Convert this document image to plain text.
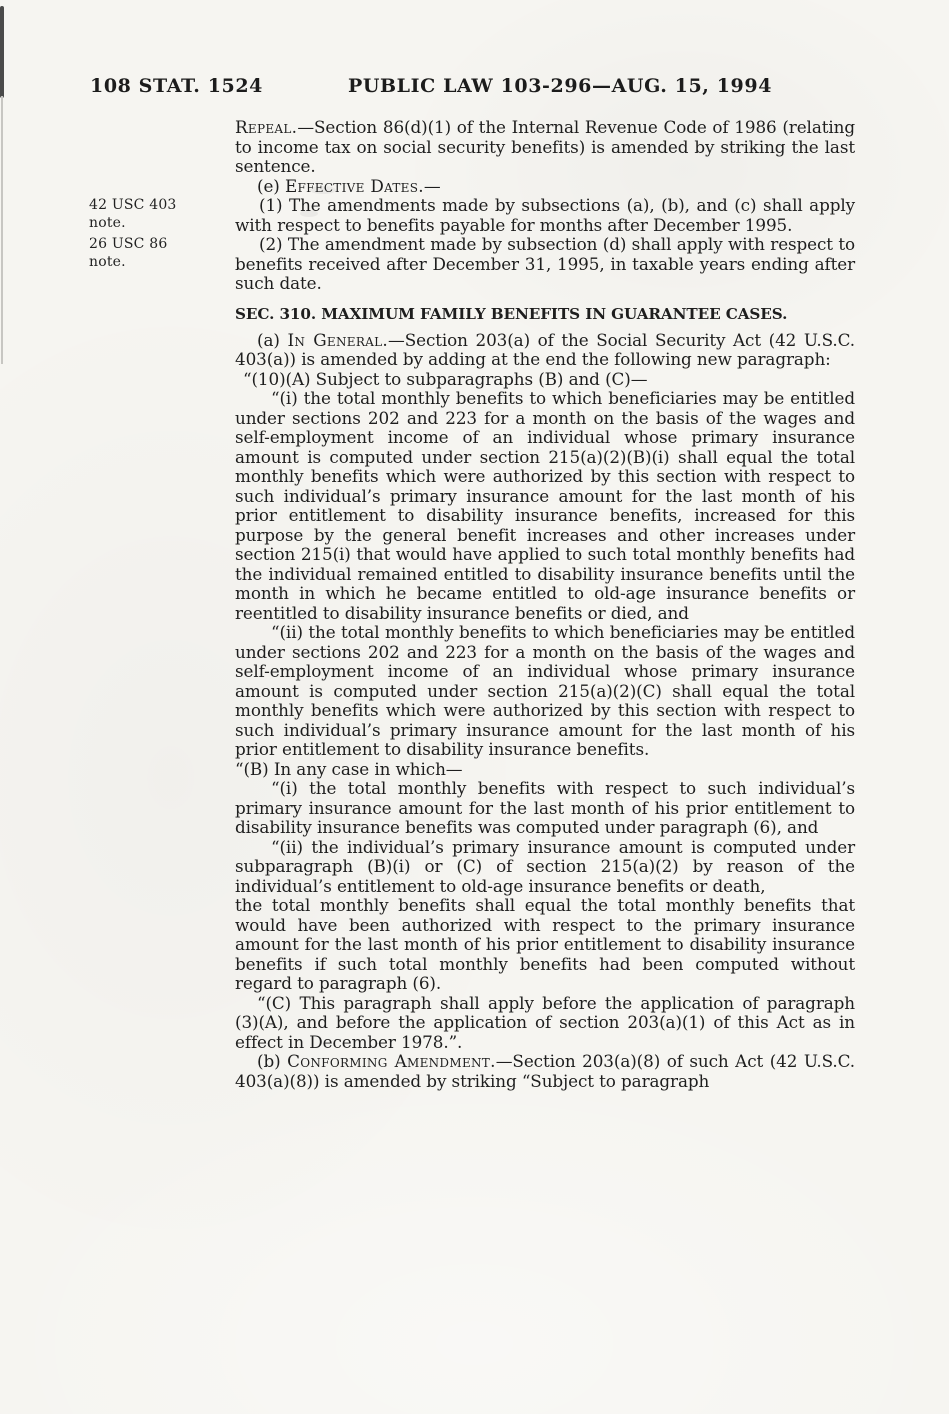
108 STAT. 1524	PUBLIC LAW 103-296—AUG. 15, 1994

Repeal.—Section 86(d)(1) of the Internal Revenue Code of 1986 (relating to income tax on social security benefits) is amended by striking the last sentence.

(e) Effective Dates.—

42 USC 403
note.
(1) The amendments made by subsections (a), (b), and (c) shall apply with respect to benefits payable for months after December 1995.

26 USC 86
note.
(2) The amendment made by subsection (d) shall apply with respect to benefits received after December 31, 1995, in taxable years ending after such date.

SEC. 310. MAXIMUM FAMILY BENEFITS IN GUARANTEE CASES.

(a) In General.—Section 203(a) of the Social Security Act (42 U.S.C. 403(a)) is amended by adding at the end the following new paragraph:

“(10)(A) Subject to subparagraphs (B) and (C)—

“(i) the total monthly benefits to which beneficiaries may be entitled under sections 202 and 223 for a month on the basis of the wages and self-employment income of an individual whose primary insurance amount is computed under section 215(a)(2)(B)(i) shall equal the total monthly benefits which were authorized by this section with respect to such individual’s primary insurance amount for the last month of his prior entitlement to disability insurance benefits, increased for this purpose by the general benefit increases and other increases under section 215(i) that would have applied to such total monthly benefits had the individual remained entitled to disability insurance benefits until the month in which he became entitled to old-age insurance benefits or reentitled to disability insurance benefits or died, and

“(ii) the total monthly benefits to which beneficiaries may be entitled under sections 202 and 223 for a month on the basis of the wages and self-employment income of an individual whose primary insurance amount is computed under section 215(a)(2)(C) shall equal the total monthly benefits which were authorized by this section with respect to such individual’s primary insurance amount for the last month of his prior entitlement to disability insurance benefits.

“(B) In any case in which—

“(i) the total monthly benefits with respect to such individual’s primary insurance amount for the last month of his prior entitlement to disability insurance benefits was computed under paragraph (6), and

“(ii) the individual’s primary insurance amount is computed under subparagraph (B)(i) or (C) of section 215(a)(2) by reason of the individual’s entitlement to old-age insurance benefits or death,

the total monthly benefits shall equal the total monthly benefits that would have been authorized with respect to the primary insurance amount for the last month of his prior entitlement to disability insurance benefits if such total monthly benefits had been computed without regard to paragraph (6).

“(C) This paragraph shall apply before the application of paragraph (3)(A), and before the application of section 203(a)(1) of this Act as in effect in December 1978.”.

(b) Conforming Amendment.—Section 203(a)(8) of such Act (42 U.S.C. 403(a)(8)) is amended by striking “Subject to paragraph
